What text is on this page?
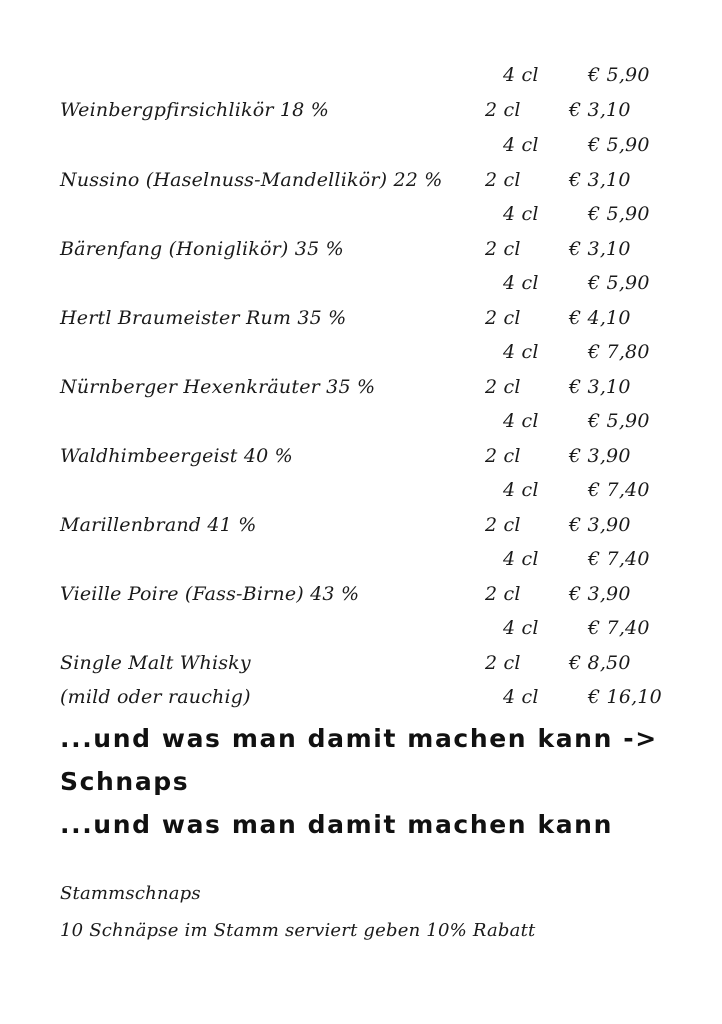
4 cl	€ 5,90
Weinbergpfirsichlikör 18 %	2 cl	€ 3,10
4 cl	€ 5,90
Nussino (Haselnuss-Mandellikör) 22 % 2 cl	€ 3,10
4 cl	€ 5,90
Bärenfang (Honiglikör) 35 %	2 cl	€ 3,10
4 cl	€ 5,90
Hertl Braumeister Rum 35 %	2 cl	€ 4,10
4 cl	€ 7,80
Nürnberger Hexenkräuter 35 %	2 cl	€ 3,10
4 cl	€ 5,90
Waldhimbeergeist 40 %	2 cl	€ 3,90
4 cl	€ 7,40
Marillenbrand 41 %	2 cl	€ 3,90
4 cl	€ 7,40
Vieille Poire (Fass-Birne) 43 %	2 cl	€ 3,90
4 cl	€ 7,40
Single Malt Whisky	2 cl	€ 8,50
(mild oder rauchig)	4 cl	€ 16,10
...und was man damit machen kann ->
Schnaps
...und was man damit machen kann
Stammschnaps
10 Schnäpse im Stamm serviert geben 10% Rabatt
